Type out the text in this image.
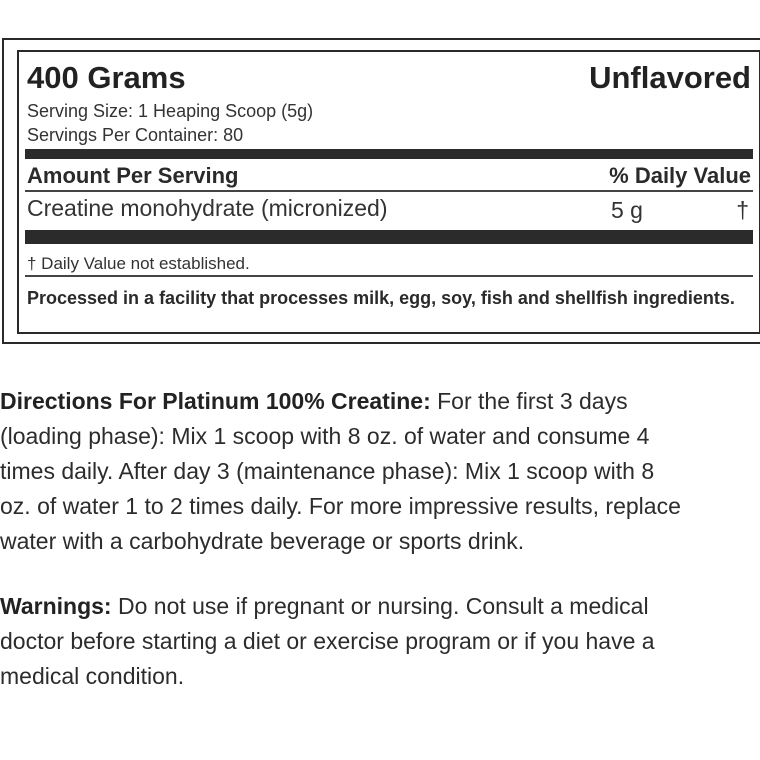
400 Grams	Unflavored
Serving Size: 1 Heaping Scoop (5g)
Servings Per Container: 80
Amount Per Serving	% Daily Value
Creatine monohydrate (micronized)	5 g	†
† Daily Value not established.
Processed in a facility that processes milk, egg, soy, fish and shellfish ingredients.
Directions For Platinum 100% Creatine: For the first 3 days
(loading phase): Mix 1 scoop with 8 oz. of water and consume 4
times daily. After day 3 (maintenance phase): Mix 1 scoop with 8
oz. of water 1 to 2 times daily. For more impressive results, replace
water with a carbohydrate beverage or sports drink.
Warnings: Do not use if pregnant or nursing. Consult a medical
doctor before starting a diet or exercise program or if you have a
medical condition.
